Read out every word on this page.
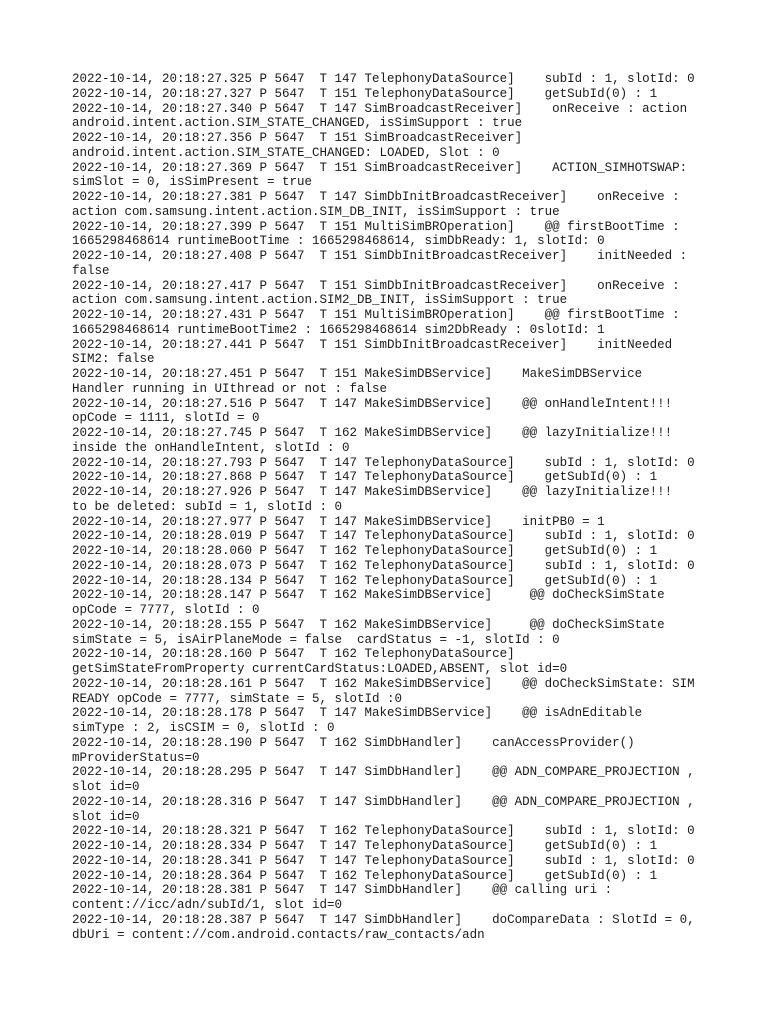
2022-10-14, 20:18:27.325 P 5647  T 147 TelephonyDataSource]    subId : 1, slotId: 0
2022-10-14, 20:18:27.327 P 5647  T 151 TelephonyDataSource]    getSubId(0) : 1
2022-10-14, 20:18:27.340 P 5647  T 147 SimBroadcastReceiver]    onReceive : action
android.intent.action.SIM_STATE_CHANGED, isSimSupport : true
2022-10-14, 20:18:27.356 P 5647  T 151 SimBroadcastReceiver]
android.intent.action.SIM_STATE_CHANGED: LOADED, Slot : 0
2022-10-14, 20:18:27.369 P 5647  T 151 SimBroadcastReceiver]    ACTION_SIMHOTSWAP:
simSlot = 0, isSimPresent = true
2022-10-14, 20:18:27.381 P 5647  T 147 SimDbInitBroadcastReceiver]    onReceive :
action com.samsung.intent.action.SIM_DB_INIT, isSimSupport : true
2022-10-14, 20:18:27.399 P 5647  T 151 MultiSimBROperation]    @@ firstBootTime :
1665298468614 runtimeBootTime : 1665298468614, simDbReady: 1, slotId: 0
2022-10-14, 20:18:27.408 P 5647  T 151 SimDbInitBroadcastReceiver]    initNeeded :
false
2022-10-14, 20:18:27.417 P 5647  T 151 SimDbInitBroadcastReceiver]    onReceive :
action com.samsung.intent.action.SIM2_DB_INIT, isSimSupport : true
2022-10-14, 20:18:27.431 P 5647  T 151 MultiSimBROperation]    @@ firstBootTime :
1665298468614 runtimeBootTime2 : 1665298468614 sim2DbReady : 0slotId: 1
2022-10-14, 20:18:27.441 P 5647  T 151 SimDbInitBroadcastReceiver]    initNeeded
SIM2: false
2022-10-14, 20:18:27.451 P 5647  T 151 MakeSimDBService]    MakeSimDBService
Handler running in UIthread or not : false
2022-10-14, 20:18:27.516 P 5647  T 147 MakeSimDBService]    @@ onHandleIntent!!!
opCode = 1111, slotId = 0
2022-10-14, 20:18:27.745 P 5647  T 162 MakeSimDBService]    @@ lazyInitialize!!!
inside the onHandleIntent, slotId : 0
2022-10-14, 20:18:27.793 P 5647  T 147 TelephonyDataSource]    subId : 1, slotId: 0
2022-10-14, 20:18:27.868 P 5647  T 147 TelephonyDataSource]    getSubId(0) : 1
2022-10-14, 20:18:27.926 P 5647  T 147 MakeSimDBService]    @@ lazyInitialize!!!
to be deleted: subId = 1, slotId : 0
2022-10-14, 20:18:27.977 P 5647  T 147 MakeSimDBService]    initPB0 = 1
2022-10-14, 20:18:28.019 P 5647  T 147 TelephonyDataSource]    subId : 1, slotId: 0
2022-10-14, 20:18:28.060 P 5647  T 162 TelephonyDataSource]    getSubId(0) : 1
2022-10-14, 20:18:28.073 P 5647  T 162 TelephonyDataSource]    subId : 1, slotId: 0
2022-10-14, 20:18:28.134 P 5647  T 162 TelephonyDataSource]    getSubId(0) : 1
2022-10-14, 20:18:28.147 P 5647  T 162 MakeSimDBService]     @@ doCheckSimState
opCode = 7777, slotId : 0
2022-10-14, 20:18:28.155 P 5647  T 162 MakeSimDBService]     @@ doCheckSimState
simState = 5, isAirPlaneMode = false  cardStatus = -1, slotId : 0
2022-10-14, 20:18:28.160 P 5647  T 162 TelephonyDataSource]
getSimStateFromProperty currentCardStatus:LOADED,ABSENT, slot id=0
2022-10-14, 20:18:28.161 P 5647  T 162 MakeSimDBService]    @@ doCheckSimState: SIM
READY opCode = 7777, simState = 5, slotId :0
2022-10-14, 20:18:28.178 P 5647  T 147 MakeSimDBService]    @@ isAdnEditable
simType : 2, isCSIM = 0, slotId : 0
2022-10-14, 20:18:28.190 P 5647  T 162 SimDbHandler]    canAccessProvider()
mProviderStatus=0
2022-10-14, 20:18:28.295 P 5647  T 147 SimDbHandler]    @@ ADN_COMPARE_PROJECTION ,
slot id=0
2022-10-14, 20:18:28.316 P 5647  T 147 SimDbHandler]    @@ ADN_COMPARE_PROJECTION ,
slot id=0
2022-10-14, 20:18:28.321 P 5647  T 162 TelephonyDataSource]    subId : 1, slotId: 0
2022-10-14, 20:18:28.334 P 5647  T 147 TelephonyDataSource]    getSubId(0) : 1
2022-10-14, 20:18:28.341 P 5647  T 147 TelephonyDataSource]    subId : 1, slotId: 0
2022-10-14, 20:18:28.364 P 5647  T 162 TelephonyDataSource]    getSubId(0) : 1
2022-10-14, 20:18:28.381 P 5647  T 147 SimDbHandler]    @@ calling uri :
content://icc/adn/subId/1, slot id=0
2022-10-14, 20:18:28.387 P 5647  T 147 SimDbHandler]    doCompareData : SlotId = 0,
dbUri = content://com.android.contacts/raw_contacts/adn
